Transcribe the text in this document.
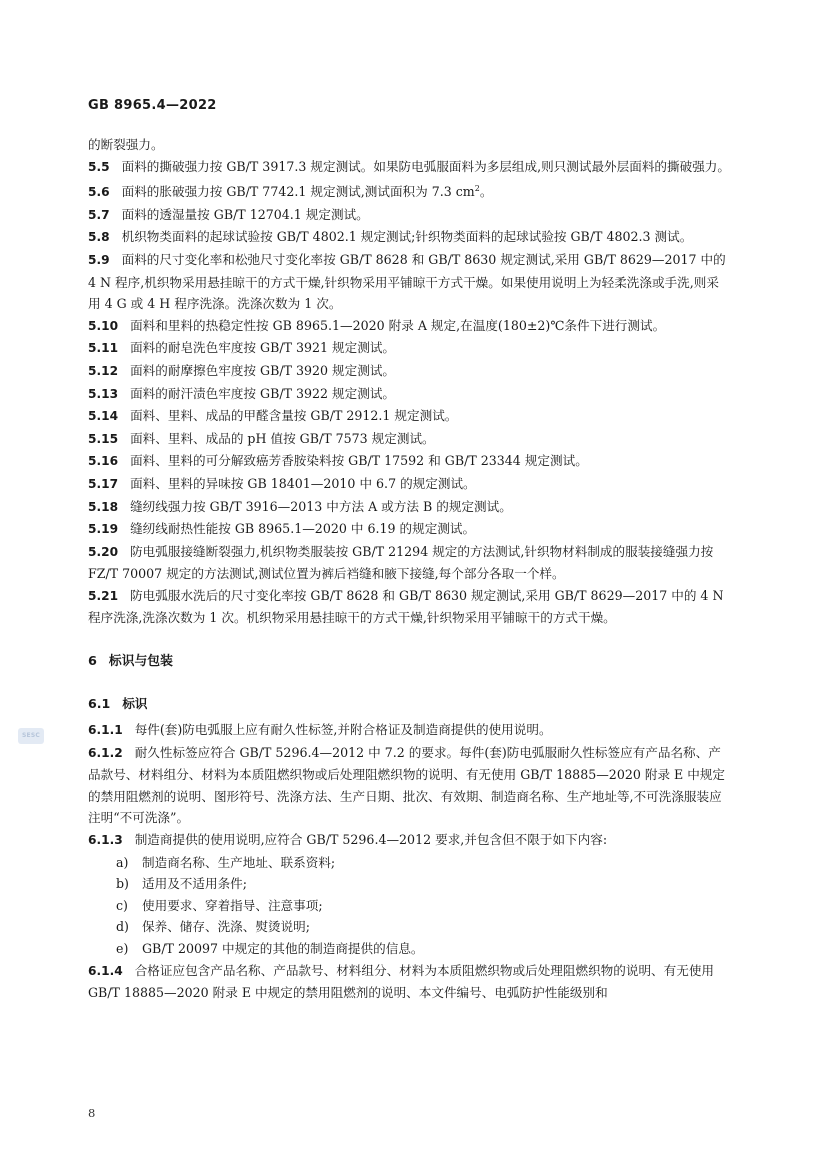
GB 8965.4—2022
SESC

的断裂强力。

5.5 面料的撕破强力按 GB/T 3917.3 规定测试。如果防电弧服面料为多层组成,则只测试最外层面料的撕破强力。

5.6 面料的胀破强力按 GB/T 7742.1 规定测试,测试面积为 7.3 $cm^2$。

5.7 面料的透湿量按 GB/T 12704.1 规定测试。

5.8 机织物类面料的起球试验按 GB/T 4802.1 规定测试;针织物类面料的起球试验按 GB/T 4802.3 测试。

5.9 面料的尺寸变化率和松弛尺寸变化率按 GB/T 8628 和 GB/T 8630 规定测试,采用 GB/T 8629—2017 中的 4 N 程序,机织物采用悬挂晾干的方式干燥,针织物采用平铺晾干方式干燥。如果使用说明上为轻柔洗涤或手洗,则采用 4 G 或 4 H 程序洗涤。洗涤次数为 1 次。

5.10 面料和里料的热稳定性按 GB 8965.1—2020 附录 A 规定,在温度(180±2)℃条件下进行测试。

5.11 面料的耐皂洗色牢度按 GB/T 3921 规定测试。

5.12 面料的耐摩擦色牢度按 GB/T 3920 规定测试。

5.13 面料的耐汗渍色牢度按 GB/T 3922 规定测试。

5.14 面料、里料、成品的甲醛含量按 GB/T 2912.1 规定测试。

5.15 面料、里料、成品的 pH 值按 GB/T 7573 规定测试。

5.16 面料、里料的可分解致癌芳香胺染料按 GB/T 17592 和 GB/T 23344 规定测试。

5.17 面料、里料的异味按 GB 18401—2010 中 6.7 的规定测试。

5.18 缝纫线强力按 GB/T 3916—2013 中方法 A 或方法 B 的规定测试。

5.19 缝纫线耐热性能按 GB 8965.1—2020 中 6.19 的规定测试。

5.20 防电弧服接缝断裂强力,机织物类服装按 GB/T 21294 规定的方法测试,针织物材料制成的服装接缝强力按 FZ/T 70007 规定的方法测试,测试位置为裤后裆缝和腋下接缝,每个部分各取一个样。

5.21 防电弧服水洗后的尺寸变化率按 GB/T 8628 和 GB/T 8630 规定测试,采用 GB/T 8629—2017 中的 4 N 程序洗涤,洗涤次数为 1 次。机织物采用悬挂晾干的方式干燥,针织物采用平铺晾干的方式干燥。

6 标识与包装
6.1 标识

6.1.1 每件(套)防电弧服上应有耐久性标签,并附合格证及制造商提供的使用说明。

6.1.2 耐久性标签应符合 GB/T 5296.4—2012 中 7.2 的要求。每件(套)防电弧服耐久性标签应有产品名称、产品款号、材料组分、材料为本质阻燃织物或后处理阻燃织物的说明、有无使用 GB/T 18885—2020 附录 E 中规定的禁用阻燃剂的说明、图形符号、洗涤方法、生产日期、批次、有效期、制造商名称、生产地址等,不可洗涤服装应注明“不可洗涤”。

6.1.3 制造商提供的使用说明,应符合 GB/T 5296.4—2012 要求,并包含但不限于如下内容:

a) 制造商名称、生产地址、联系资料;

b) 适用及不适用条件;

c) 使用要求、穿着指导、注意事项;

d) 保养、储存、洗涤、熨烫说明;

e) GB/T 20097 中规定的其他的制造商提供的信息。

6.1.4 合格证应包含产品名称、产品款号、材料组分、材料为本质阻燃织物或后处理阻燃织物的说明、有无使用 GB/T 18885—2020 附录 E 中规定的禁用阻燃剂的说明、本文件编号、电弧防护性能级别和

8
